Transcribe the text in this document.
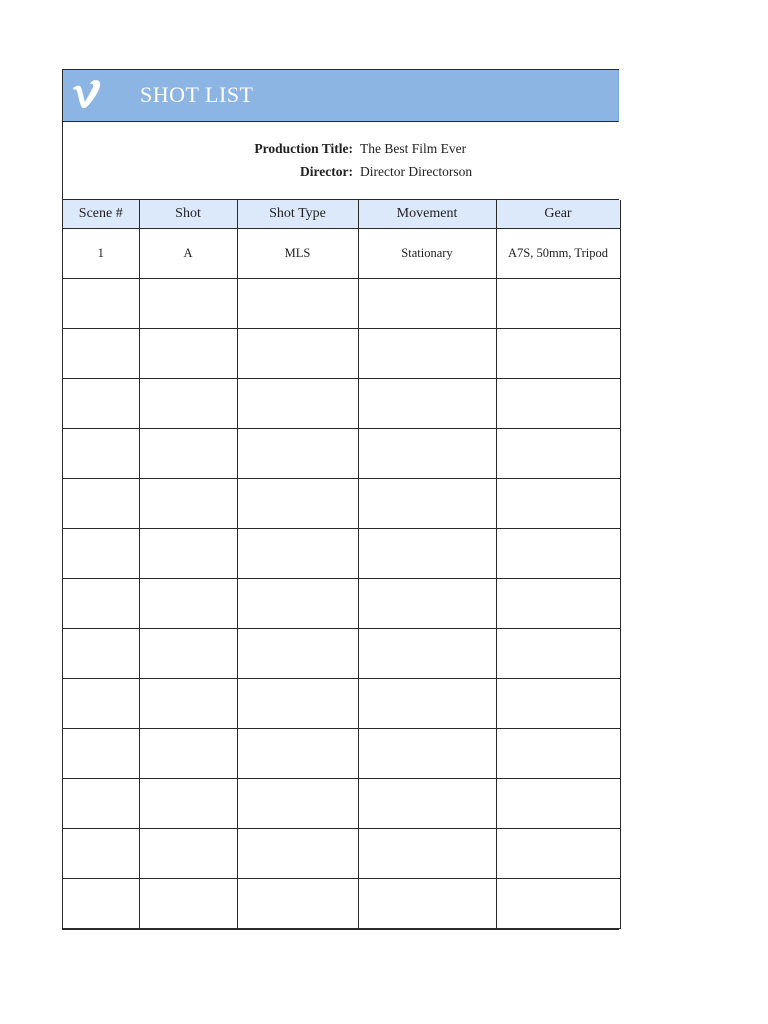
SHOT LIST
Production Title: The Best Film Ever
Director: Director Directorson
Scene #	Shot	Shot Type	Movement	Gear
1	A	MLS	Stationary	A7S, 50mm, Tripod
